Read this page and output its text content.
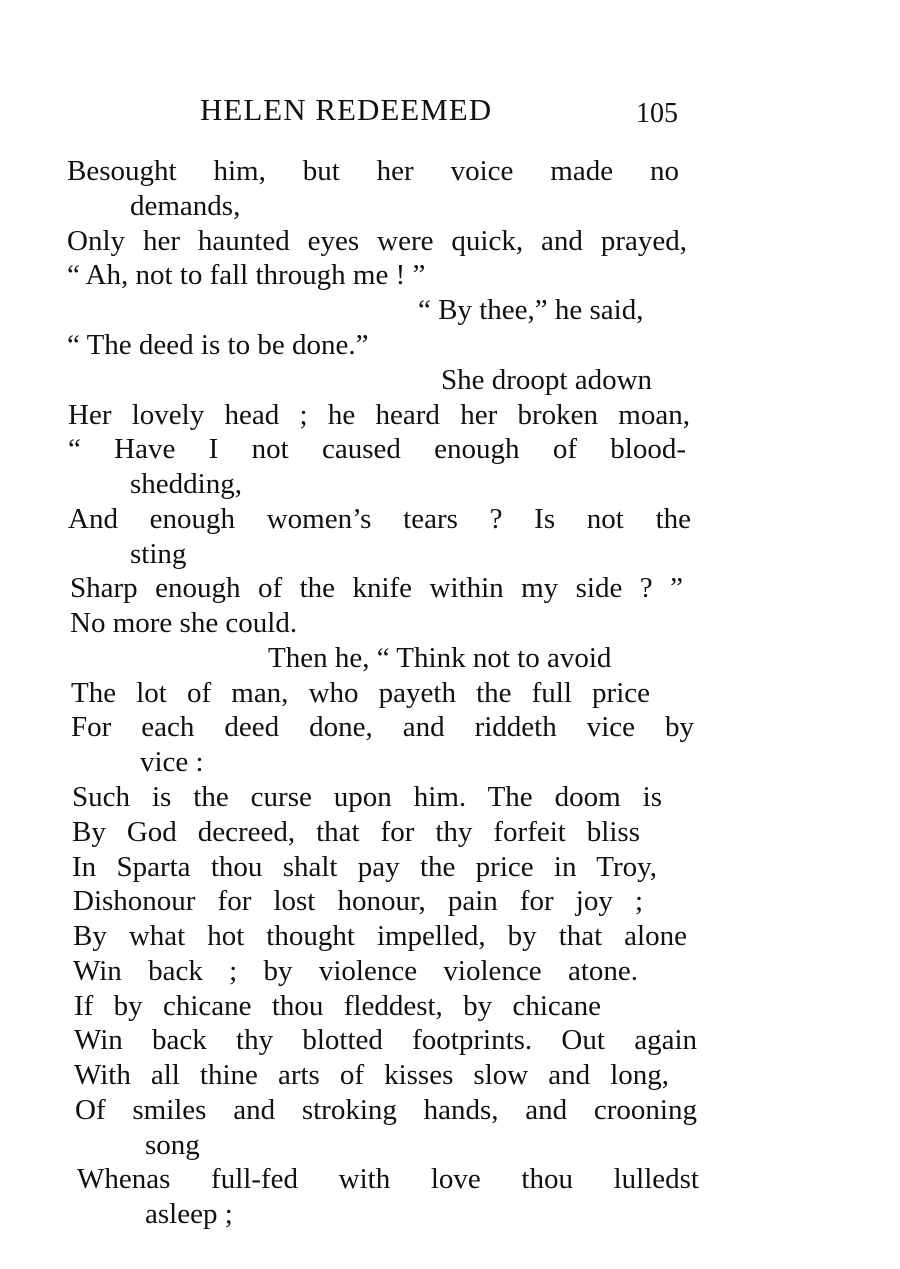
HELEN REDEEMED	105
Besought him, but her voice made no
demands,
Only her haunted eyes were quick, and prayed,
“ Ah, not to fall through me ! ”
“ By thee,” he said,
“ The deed is to be done.”
She droopt adown
Her lovely head ; he heard her broken moan,
“ Have I not caused enough of blood-
shedding,
And enough women’s tears ? Is not the
sting
Sharp enough of the knife within my side ? ”
No more she could.
Then he, “ Think not to avoid
The lot of man, who payeth the full price
For each deed done, and riddeth vice by
vice :
Such is the curse upon him. The doom is
By God decreed, that for thy forfeit bliss
In Sparta thou shalt pay the price in Troy,
Dishonour for lost honour, pain for joy ;
By what hot thought impelled, by that alone
Win back ; by violence violence atone.
If by chicane thou fleddest, by chicane
Win back thy blotted footprints. Out again
With all thine arts of kisses slow and long,
Of smiles and stroking hands, and crooning
song
Whenas full-fed with love thou lulledst
asleep ;
